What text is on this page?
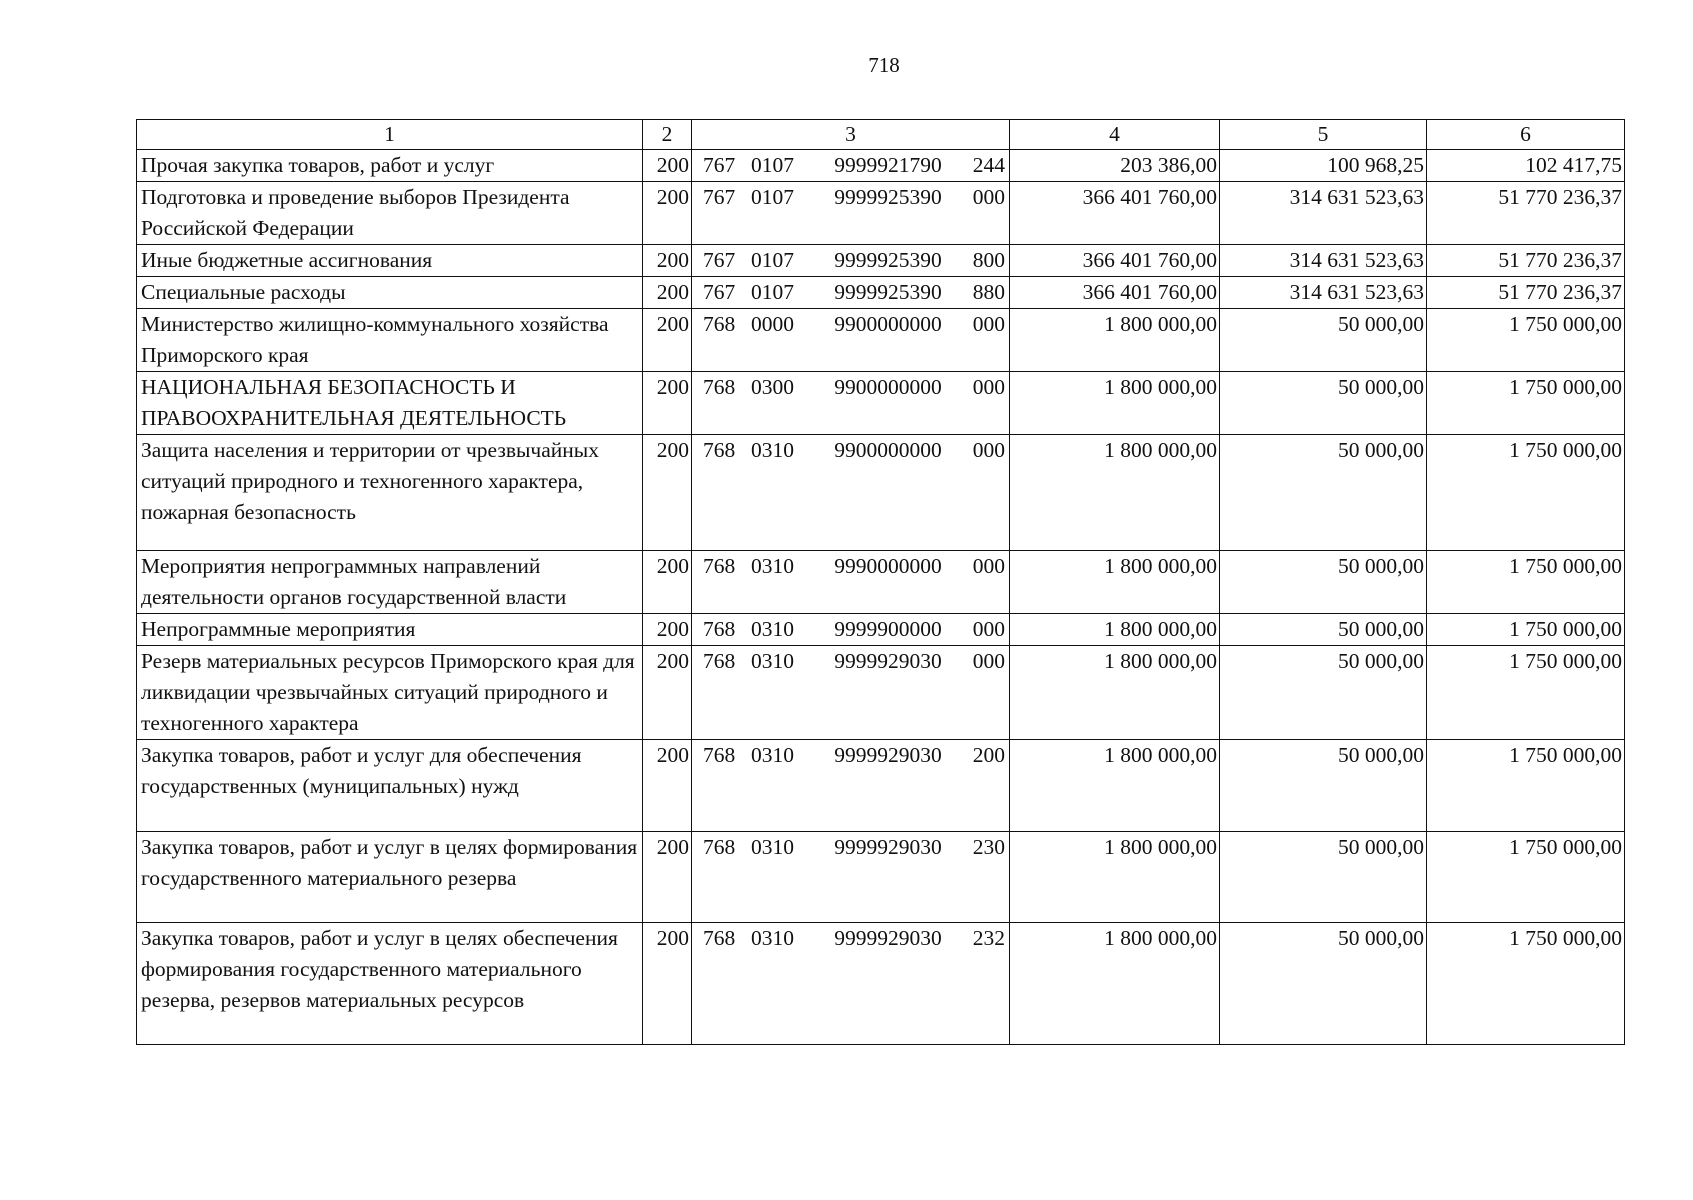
718
1	2	3	4	5	6
Прочая закупка товаров, работ и услуг	200	767 0107 9999921790 244	203 386,00	100 968,25	102 417,75
Подготовка и проведение выборов Президента Российской Федерации	200	767 0107 9999925390 000	366 401 760,00	314 631 523,63	51 770 236,37
Иные бюджетные ассигнования	200	767 0107 9999925390 800	366 401 760,00	314 631 523,63	51 770 236,37
Специальные расходы	200	767 0107 9999925390 880	366 401 760,00	314 631 523,63	51 770 236,37
Министерство жилищно-коммунального хозяйства Приморского края	200	768 0000 9900000000 000	1 800 000,00	50 000,00	1 750 000,00
НАЦИОНАЛЬНАЯ БЕЗОПАСНОСТЬ И ПРАВООХРАНИТЕЛЬНАЯ ДЕЯТЕЛЬНОСТЬ	200	768 0300 9900000000 000	1 800 000,00	50 000,00	1 750 000,00
Защита населения и территории от чрезвычайных ситуаций природного и техногенного характера, пожарная безопасность	200	768 0310 9900000000 000	1 800 000,00	50 000,00	1 750 000,00
Мероприятия непрограммных направлений деятельности органов государственной власти	200	768 0310 9990000000 000	1 800 000,00	50 000,00	1 750 000,00
Непрограммные мероприятия	200	768 0310 9999900000 000	1 800 000,00	50 000,00	1 750 000,00
Резерв материальных ресурсов Приморского края для ликвидации чрезвычайных ситуаций природного и техногенного характера	200	768 0310 9999929030 000	1 800 000,00	50 000,00	1 750 000,00
Закупка товаров, работ и услуг для обеспечения государственных (муниципальных) нужд	200	768 0310 9999929030 200	1 800 000,00	50 000,00	1 750 000,00
Закупка товаров, работ и услуг в целях формирования государственного материального резерва	200	768 0310 9999929030 230	1 800 000,00	50 000,00	1 750 000,00
Закупка товаров, работ и услуг в целях обеспечения формирования государственного материального резерва, резервов материальных ресурсов	200	768 0310 9999929030 232	1 800 000,00	50 000,00	1 750 000,00
